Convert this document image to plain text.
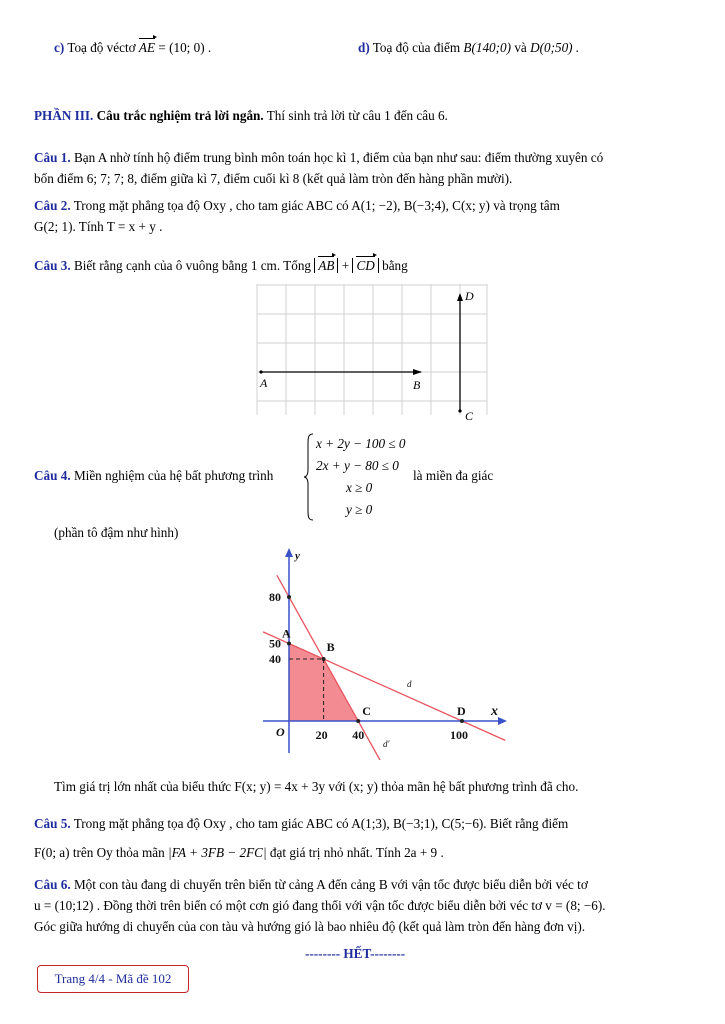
c) Toạ độ véctơ AE = (10; 0) .	d) Toạ độ của điểm B(140;0) và D(0;50) .
PHẦN III. Câu trắc nghiệm trả lời ngắn. Thí sinh trả lời từ câu 1 đến câu 6.
Câu 1. Bạn A nhờ tính hộ điểm trung bình môn toán học kì 1, điểm của bạn như sau: điểm thường xuyên có
bốn điểm 6; 7; 7; 8, điểm giữa kì 7, điểm cuối kì 8 (kết quả làm tròn đến hàng phần mười).
Câu 2. Trong mặt phẳng tọa độ Oxy , cho tam giác ABC có A(1; −2), B(−3;4), C(x; y) và trọng tâm
G(2; 1). Tính T = x + y .
Câu 3. Biết rằng cạnh của ô vuông bằng 1 cm. Tổng AB + CD bằng
A	B
C
D
Câu 4. Miền nghiệm của hệ bất phương trình
x + 2y − 100 ≤ 0
2x + y − 80 ≤ 0
x ≥ 0
y ≥ 0
là miền đa giác
(phần tô đậm như hình)
20 40	100
40
50
80
O
x
y
A
B
C	D
d
d'
Tìm giá trị lớn nhất của biểu thức F(x; y) = 4x + 3y với (x; y) thỏa mãn hệ bất phương trình đã cho.
Câu 5. Trong mặt phẳng tọa độ Oxy , cho tam giác ABC có A(1;3), B(−3;1), C(5;−6). Biết rằng điểm
F(0; a) trên Oy thỏa mãn |FA + 3FB − 2FC| đạt giá trị nhỏ nhất. Tính 2a + 9 .
Câu 6. Một con tàu đang di chuyển trên biển từ cảng A đến cảng B với vận tốc được biểu diễn bởi véc tơ
u = (10;12) . Đồng thời trên biển có một cơn gió đang thổi với vận tốc được biểu diễn bởi véc tơ v = (8; −6).
Góc giữa hướng di chuyển của con tàu và hướng gió là bao nhiêu độ (kết quả làm tròn đến hàng đơn vị).
-------- HẾT--------
Trang 4/4 - Mã đề 102
